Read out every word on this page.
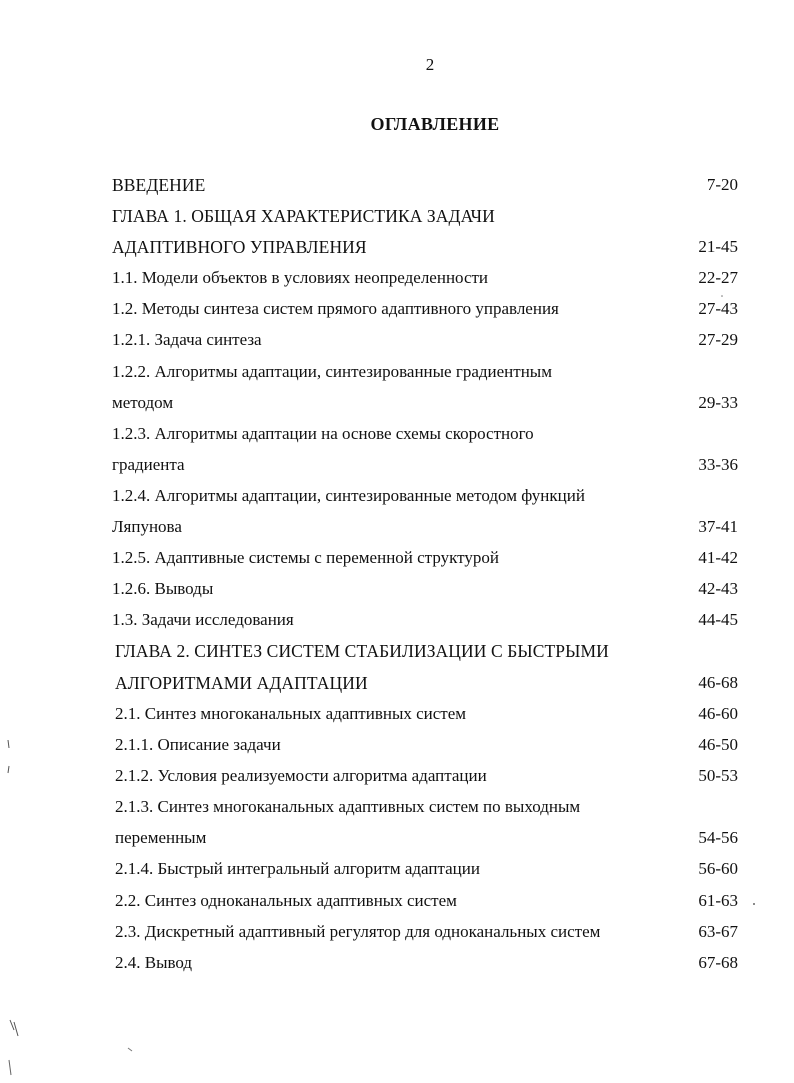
2
ОГЛАВЛЕНИЕ
ВВЕДЕНИЕ	7-20
ГЛАВА 1. ОБЩАЯ ХАРАКТЕРИСТИКА ЗАДАЧИ
АДАПТИВНОГО УПРАВЛЕНИЯ	21-45
1.1. Модели объектов в условиях неопределенности	22-27
1.2. Методы синтеза систем прямого адаптивного управления	27-43
1.2.1. Задача синтеза	27-29
1.2.2. Алгоритмы адаптации, синтезированные градиентным
методом	29-33
1.2.3. Алгоритмы адаптации на основе схемы скоростного
градиента	33-36
1.2.4. Алгоритмы адаптации, синтезированные методом функций
Ляпунова	37-41
1.2.5. Адаптивные системы с переменной структурой	41-42
1.2.6. Выводы	42-43
1.3. Задачи исследования	44-45
ГЛАВА 2. СИНТЕЗ СИСТЕМ СТАБИЛИЗАЦИИ С БЫСТРЫМИ
АЛГОРИТМАМИ АДАПТАЦИИ	46-68
2.1. Синтез многоканальных адаптивных систем	46-60
2.1.1. Описание задачи	46-50
2.1.2. Условия реализуемости алгоритма адаптации	50-53
2.1.3. Синтез многоканальных адаптивных систем по выходным
переменным	54-56
2.1.4. Быстрый интегральный алгоритм адаптации	56-60
2.2. Синтез одноканальных адаптивных систем	61-63
2.3. Дискретный адаптивный регулятор для одноканальных систем	63-67
2.4. Вывод	67-68
